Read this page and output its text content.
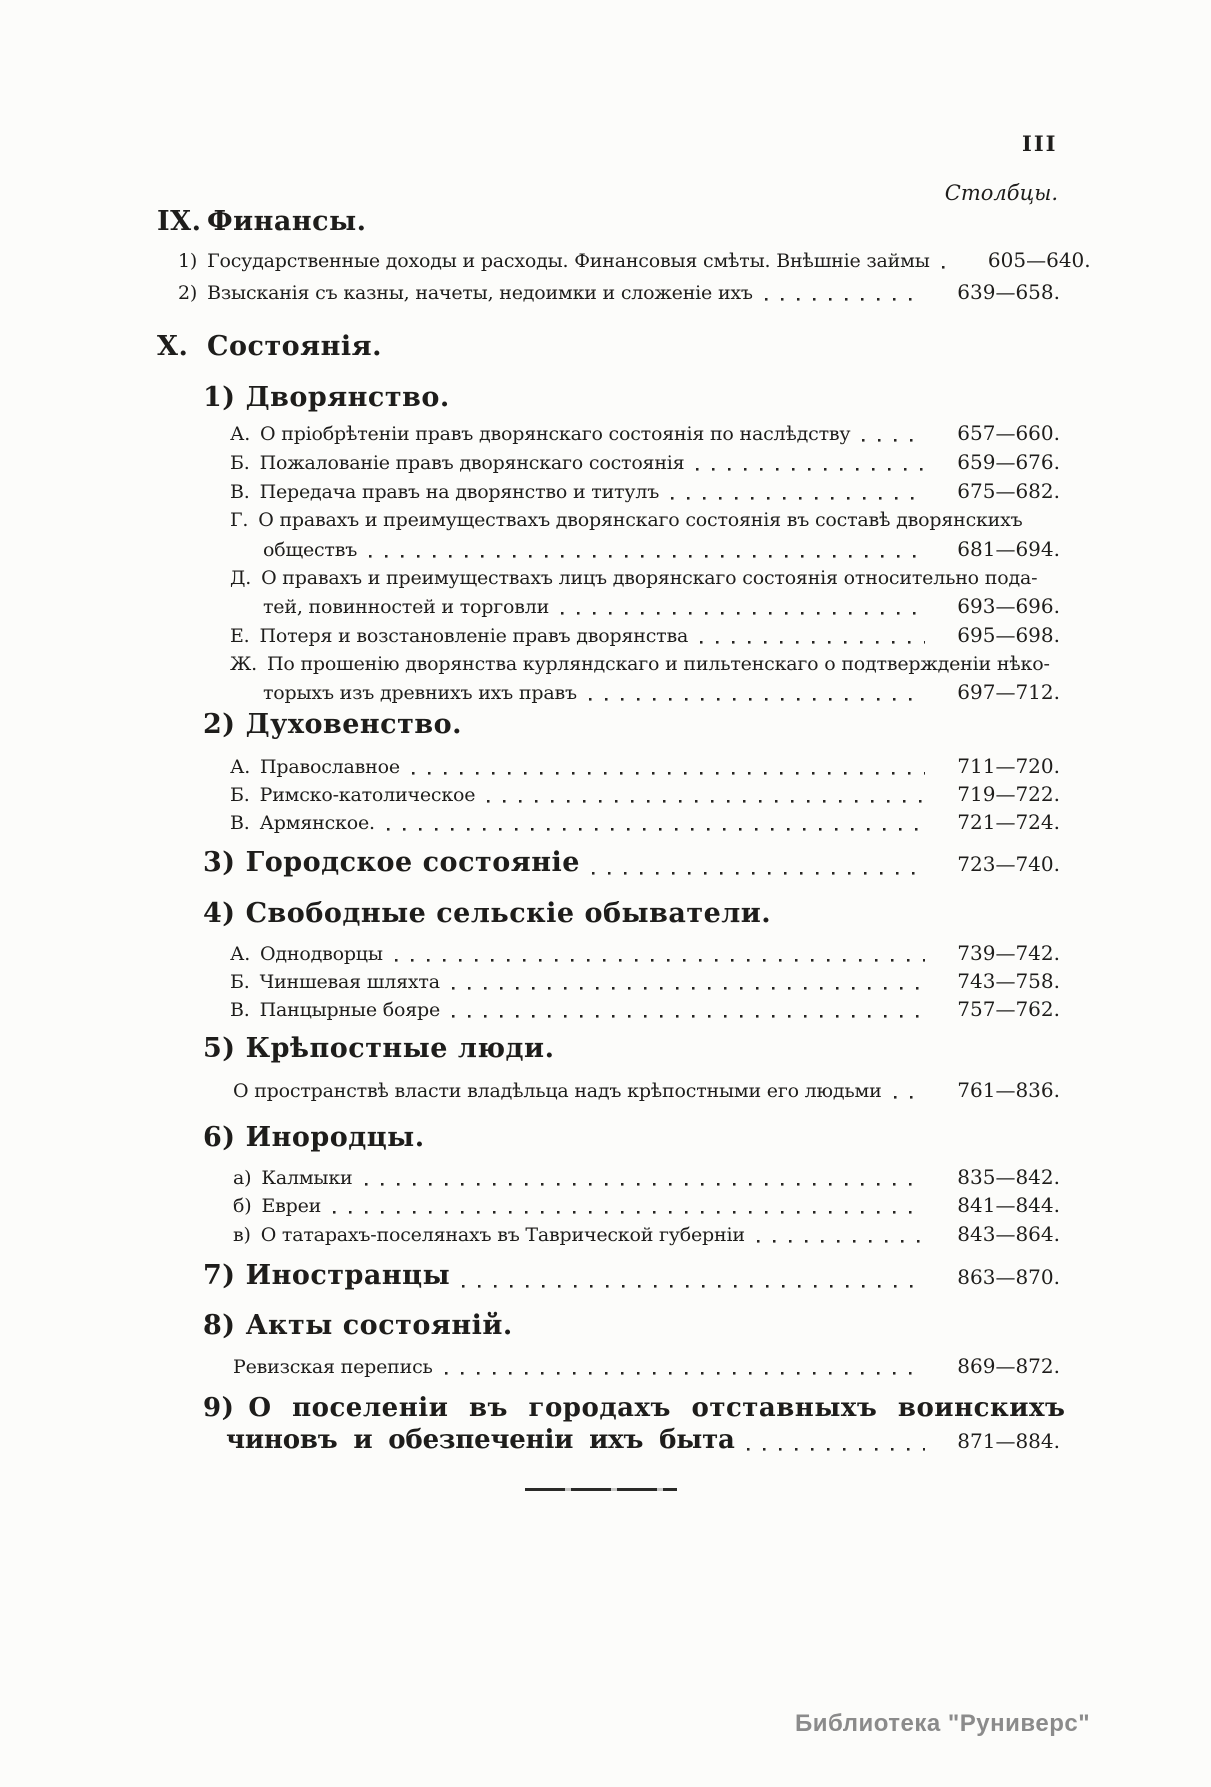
III
Столбцы.
IX. Финансы.
1) Государственные доходы и расходы. Финансовыя смѣты. Внѣшніе займы	605—640.
2) Взысканія съ казны, начеты, недоимки и сложеніе ихъ	639—658.
X. Состоянія.
1) Дворянство.
А. О пріобрѣтеніи правъ дворянскаго состоянія по наслѣдству	657—660.
Б. Пожалованіе правъ дворянскаго состоянія	659—676.
В. Передача правъ на дворянство и титулъ	675—682.
Г. О правахъ и преимуществахъ дворянскаго состоянія въ составѣ дворянскихъ
обществъ	681—694.
Д. О правахъ и преимуществахъ лицъ дворянскаго состоянія относительно пода-
тей, повинностей и торговли	693—696.
Е. Потеря и возстановленіе правъ дворянства	695—698.
Ж. По прошенію дворянства курляндскаго и пильтенскаго о подтвержденіи нѣко-
торыхъ изъ древнихъ ихъ правъ	697—712.
2) Духовенство.
А. Православное	711—720.
Б. Римско-католическое	719—722.
В. Армянское.	721—724.
3) Городское состояніе	723—740.
4) Свободные сельскіе обыватели.
А. Однодворцы	739—742.
Б. Чиншевая шляхта	743—758.
В. Панцырные бояре	757—762.
5) Крѣпостные люди.
О пространствѣ власти владѣльца надъ крѣпостными его людьми	761—836.
6) Инородцы.
а) Калмыки	835—842.
б) Евреи	841—844.
в) О татарахъ-поселянахъ въ Таврической губерніи	843—864.
7) Иностранцы	863—870.
8) Акты состояній.
Ревизская перепись	869—872.
9) О поселеніи въ городахъ отставныхъ воинскихъ
чиновъ и обезпеченіи ихъ быта	871—884.
Библиотека "Руниверс"
